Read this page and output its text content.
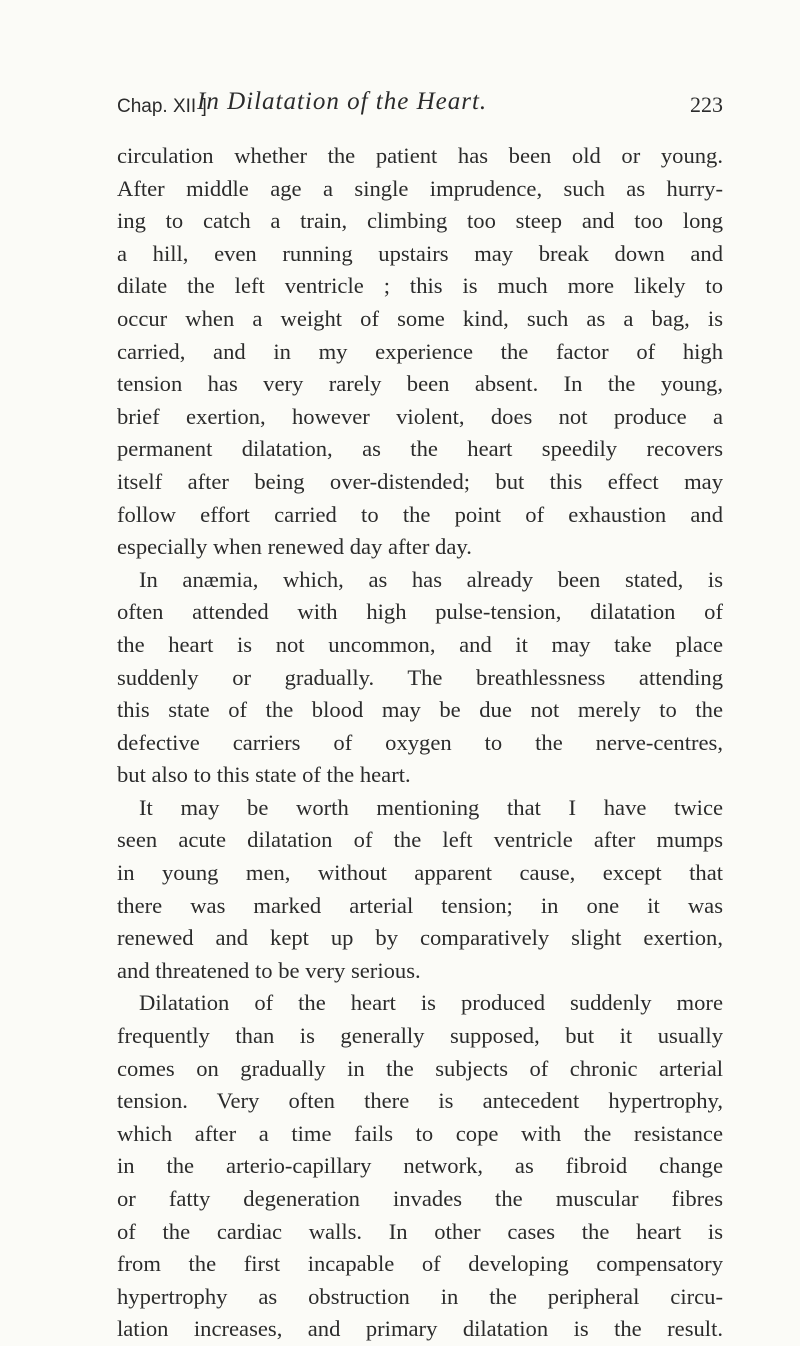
Chap. XII ]
In Dilatation of the Heart.	223
circulation whether the patient has been old or young.
After middle age a single imprudence, such as hurry-
ing to catch a train, climbing too steep and too long
a hill, even running upstairs may break down and
dilate the left ventricle ; this is much more likely to
occur when a weight of some kind, such as a bag, is
carried, and in my experience the factor of high
tension has very rarely been absent. In the young,
brief exertion, however violent, does not produce a
permanent dilatation, as the heart speedily recovers
itself after being over-distended; but this effect may
follow effort carried to the point of exhaustion and
especially when renewed day after day.
In anæmia, which, as has already been stated, is
often attended with high pulse-tension, dilatation of
the heart is not uncommon, and it may take place
suddenly or gradually. The breathlessness attending
this state of the blood may be due not merely to the
defective carriers of oxygen to the nerve-centres,
but also to this state of the heart.
It may be worth mentioning that I have twice
seen acute dilatation of the left ventricle after mumps
in young men, without apparent cause, except that
there was marked arterial tension; in one it was
renewed and kept up by comparatively slight exertion,
and threatened to be very serious.
Dilatation of the heart is produced suddenly more
frequently than is generally supposed, but it usually
comes on gradually in the subjects of chronic arterial
tension. Very often there is antecedent hypertrophy,
which after a time fails to cope with the resistance
in the arterio-capillary network, as fibroid change
or fatty degeneration invades the muscular fibres
of the cardiac walls. In other cases the heart is
from the first incapable of developing compensatory
hypertrophy as obstruction in the peripheral circu-
lation increases, and primary dilatation is the result.
